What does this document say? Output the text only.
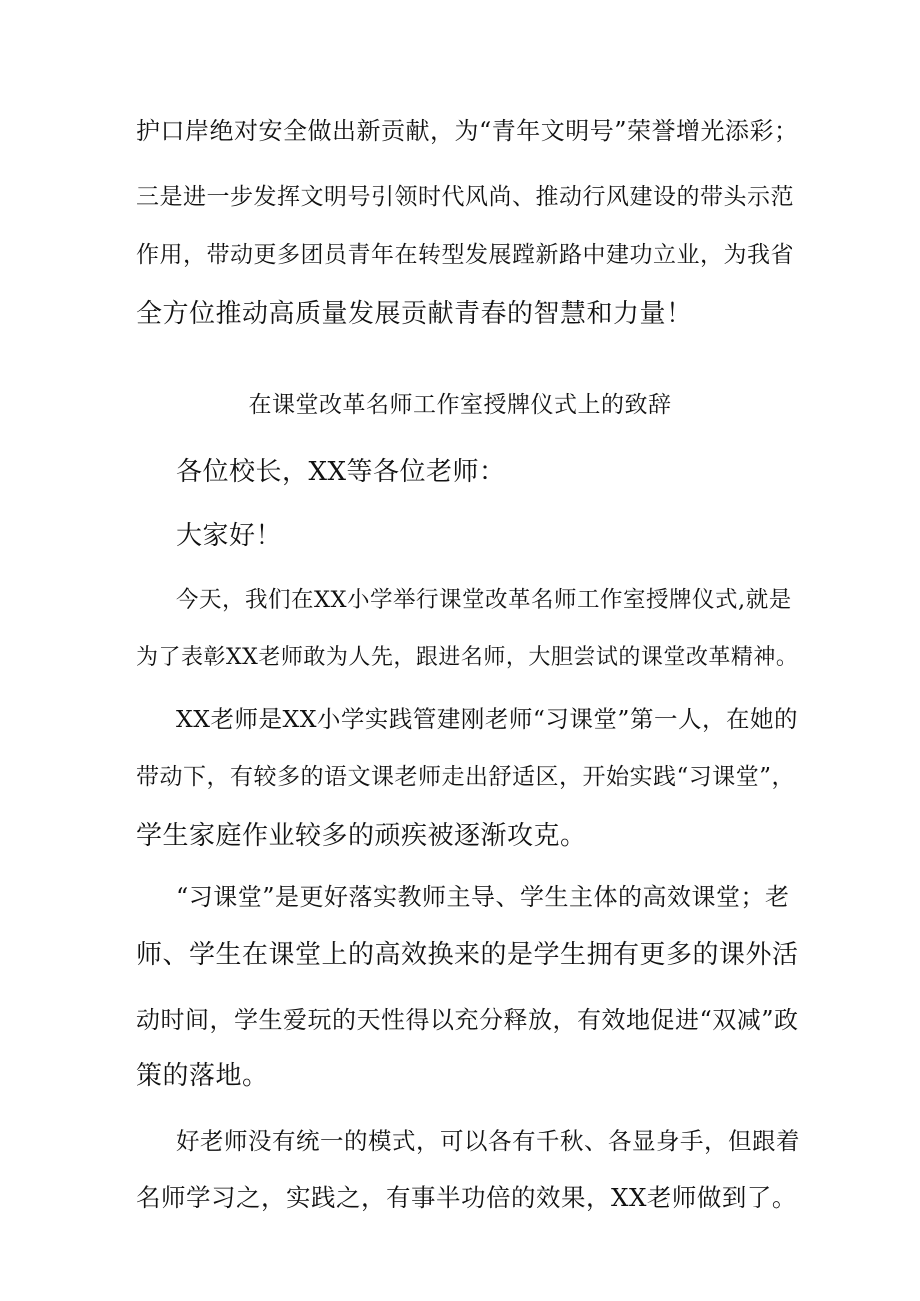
护口岸绝对安全做出新贡献，为“青年文明号”荣誉增光添彩；
三是进一步发挥文明号引领时代风尚、推动行风建设的带头示范
作用，带动更多团员青年在转型发展蹚新路中建功立业，为我省
全方位推动高质量发展贡献青春的智慧和力量！
在课堂改革名师工作室授牌仪式上的致辞
各位校长，XX等各位老师：
大家好！
今天，我们在XX小学举行课堂改革名师工作室授牌仪式,就是
为了表彰XX老师敢为人先，跟进名师，大胆尝试的课堂改革精神。
XX老师是XX小学实践管建刚老师“习课堂”第一人，在她的
带动下，有较多的语文课老师走出舒适区，开始实践“习课堂”，
学生家庭作业较多的顽疾被逐渐攻克。
“习课堂”是更好落实教师主导、学生主体的高效课堂；老
师、学生在课堂上的高效换来的是学生拥有更多的课外活
动时间，学生爱玩的天性得以充分释放，有效地促进“双减”政
策的落地。
好老师没有统一的模式，可以各有千秋、各显身手，但跟着
名师学习之，实践之，有事半功倍的效果，XX老师做到了。
